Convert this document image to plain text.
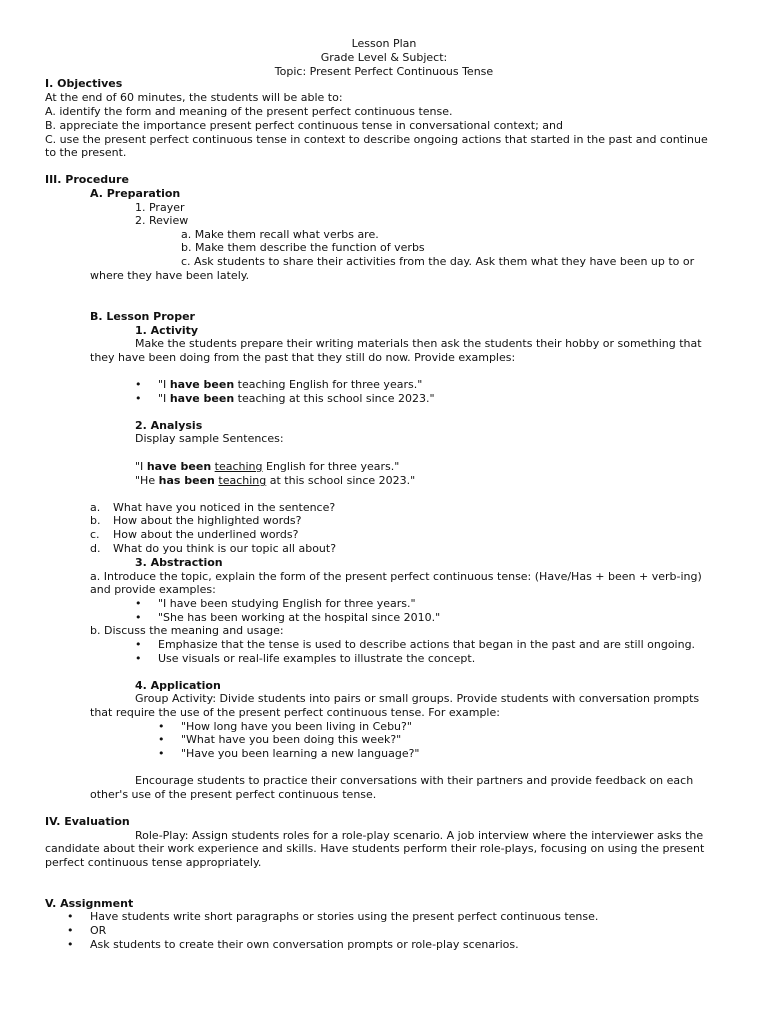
Lesson Plan
Grade Level & Subject:
Topic: Present Perfect Continuous Tense
I. Objectives
At the end of 60 minutes, the students will be able to:
A. identify the form and meaning of the present perfect continuous tense.
B. appreciate the importance present perfect continuous tense in conversational context; and
C. use the present perfect continuous tense in context to describe ongoing actions that started in the past and continue
to the present.
III. Procedure
A. Preparation
1. Prayer
2. Review
a. Make them recall what verbs are.
b. Make them describe the function of verbs
c. Ask students to share their activities from the day. Ask them what they have been up to or
where they have been lately.
B. Lesson Proper
1. Activity
Make the students prepare their writing materials then ask the students their hobby or something that
they have been doing from the past that they still do now. Provide examples:
• "I have been teaching English for three years."
• "I have been teaching at this school since 2023."
2. Analysis
Display sample Sentences:
"I have been teaching English for three years."
"He has been teaching at this school since 2023."
a. What have you noticed in the sentence?
b. How about the highlighted words?
c. How about the underlined words?
d. What do you think is our topic all about?
3. Abstraction
a. Introduce the topic, explain the form of the present perfect continuous tense: (Have/Has + been + verb-ing)
and provide examples:
• "I have been studying English for three years."
• "She has been working at the hospital since 2010."
b. Discuss the meaning and usage:
• Emphasize that the tense is used to describe actions that began in the past and are still ongoing.
• Use visuals or real-life examples to illustrate the concept.
4. Application
Group Activity: Divide students into pairs or small groups. Provide students with conversation prompts
that require the use of the present perfect continuous tense. For example:
• "How long have you been living in Cebu?"
• "What have you been doing this week?"
• "Have you been learning a new language?"
Encourage students to practice their conversations with their partners and provide feedback on each
other's use of the present perfect continuous tense.
IV. Evaluation
Role-Play: Assign students roles for a role-play scenario. A job interview where the interviewer asks the
candidate about their work experience and skills. Have students perform their role-plays, focusing on using the present
perfect continuous tense appropriately.
V. Assignment
• Have students write short paragraphs or stories using the present perfect continuous tense.
• OR
• Ask students to create their own conversation prompts or role-play scenarios.
